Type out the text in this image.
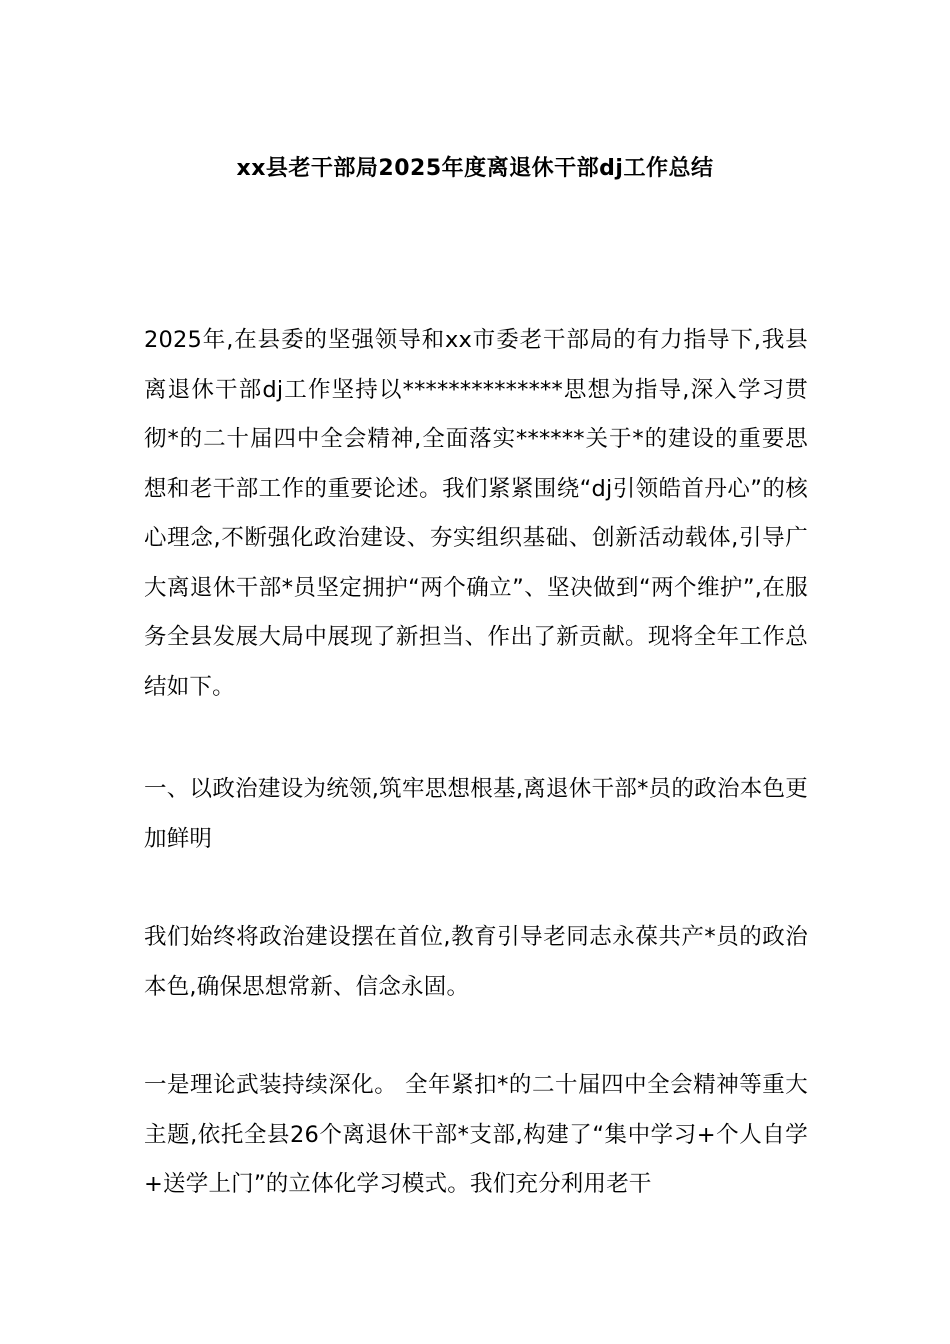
xx县老干部局2025年度离退休干部dj工作总结

2025年,在县委的坚强领导和xx市委老干部局的有力指导下,我县离退休干部dj工作坚持以**************思想为指导,深入学习贯彻*的二十届四中全会精神,全面落实******关于*的建设的重要思想和老干部工作的重要论述。我们紧紧围绕“dj引领皓首丹心”的核心理念,不断强化政治建设、夯实组织基础、创新活动载体,引导广大离退休干部*员坚定拥护“两个确立”、坚决做到“两个维护”,在服务全县发展大局中展现了新担当、作出了新贡献。现将全年工作总结如下。

一、以政治建设为统领,筑牢思想根基,离退休干部*员的政治本色更加鲜明

我们始终将政治建设摆在首位,教育引导老同志永葆共产*员的政治本色,确保思想常新、信念永固。

一是理论武装持续深化。 全年紧扣*的二十届四中全会精神等重大主题,依托全县26个离退休干部*支部,构建了“集中学习+个人自学+送学上门”的立体化学习模式。我们充分利用老干
